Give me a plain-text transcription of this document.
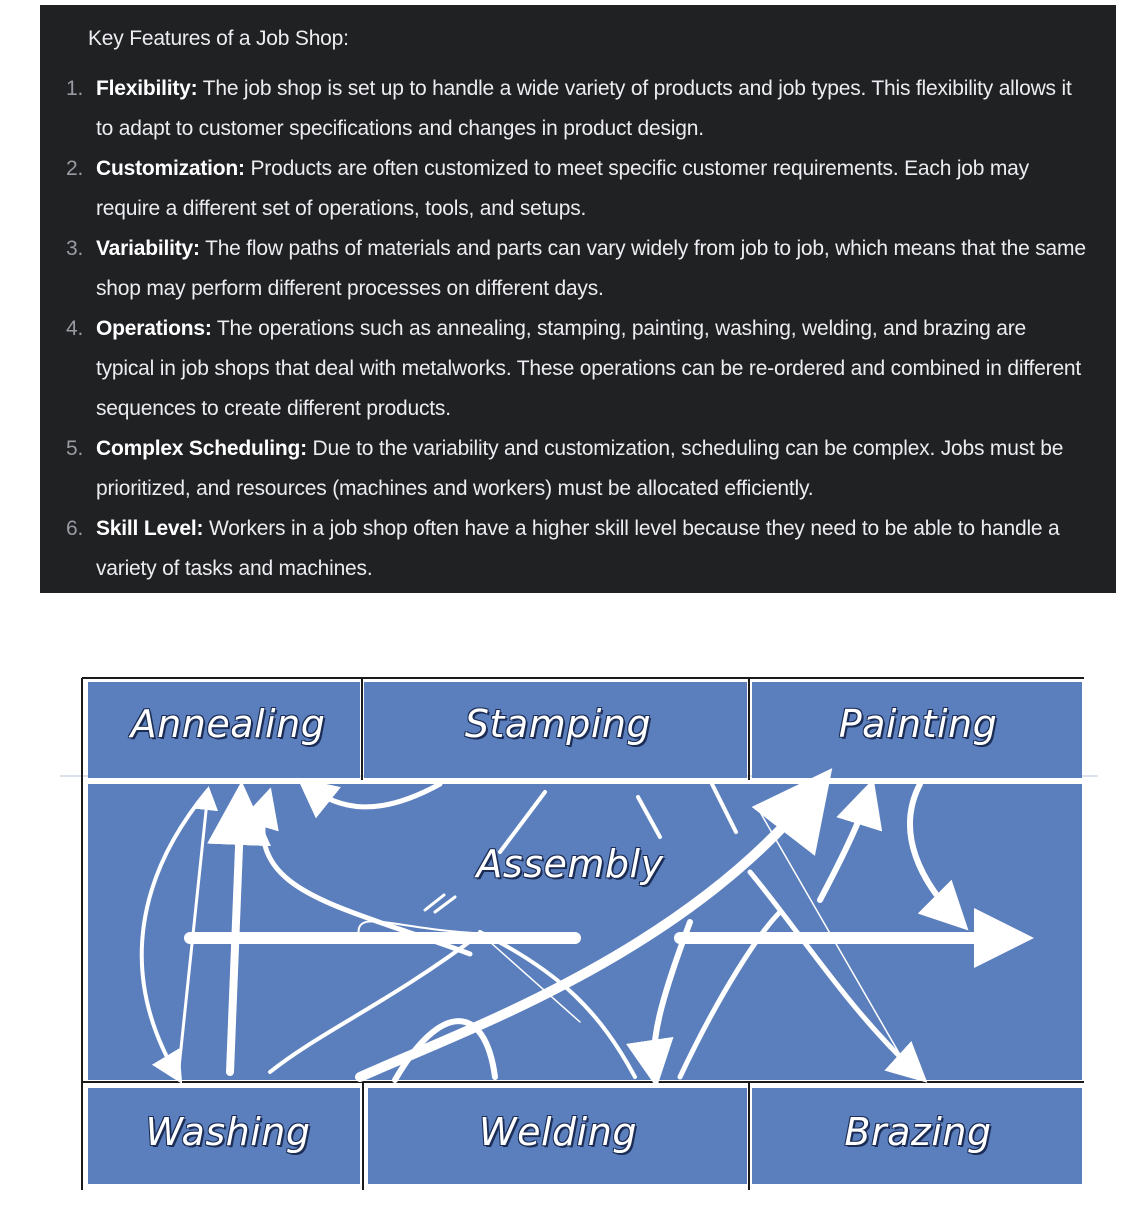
Key Features of a Job Shop:
1. Flexibility: The job shop is set up to handle a wide variety of products and job types. This flexibility allows it to adapt to customer specifications and changes in product design.
2. Customization: Products are often customized to meet specific customer requirements. Each job may require a different set of operations, tools, and setups.
3. Variability: The flow paths of materials and parts can vary widely from job to job, which means that the same shop may perform different processes on different days.
4. Operations: The operations such as annealing, stamping, painting, washing, welding, and brazing are typical in job shops that deal with metalworks. These operations can be re-ordered and combined in different sequences to create different products.
5. Complex Scheduling: Due to the variability and customization, scheduling can be complex. Jobs must be prioritized, and resources (machines and workers) must be allocated efficiently.
6. Skill Level: Workers in a job shop often have a higher skill level because they need to be able to handle a variety of tasks and machines.
Annealing	Stamping	Painting
Assembly
Washing	Welding	Brazing
